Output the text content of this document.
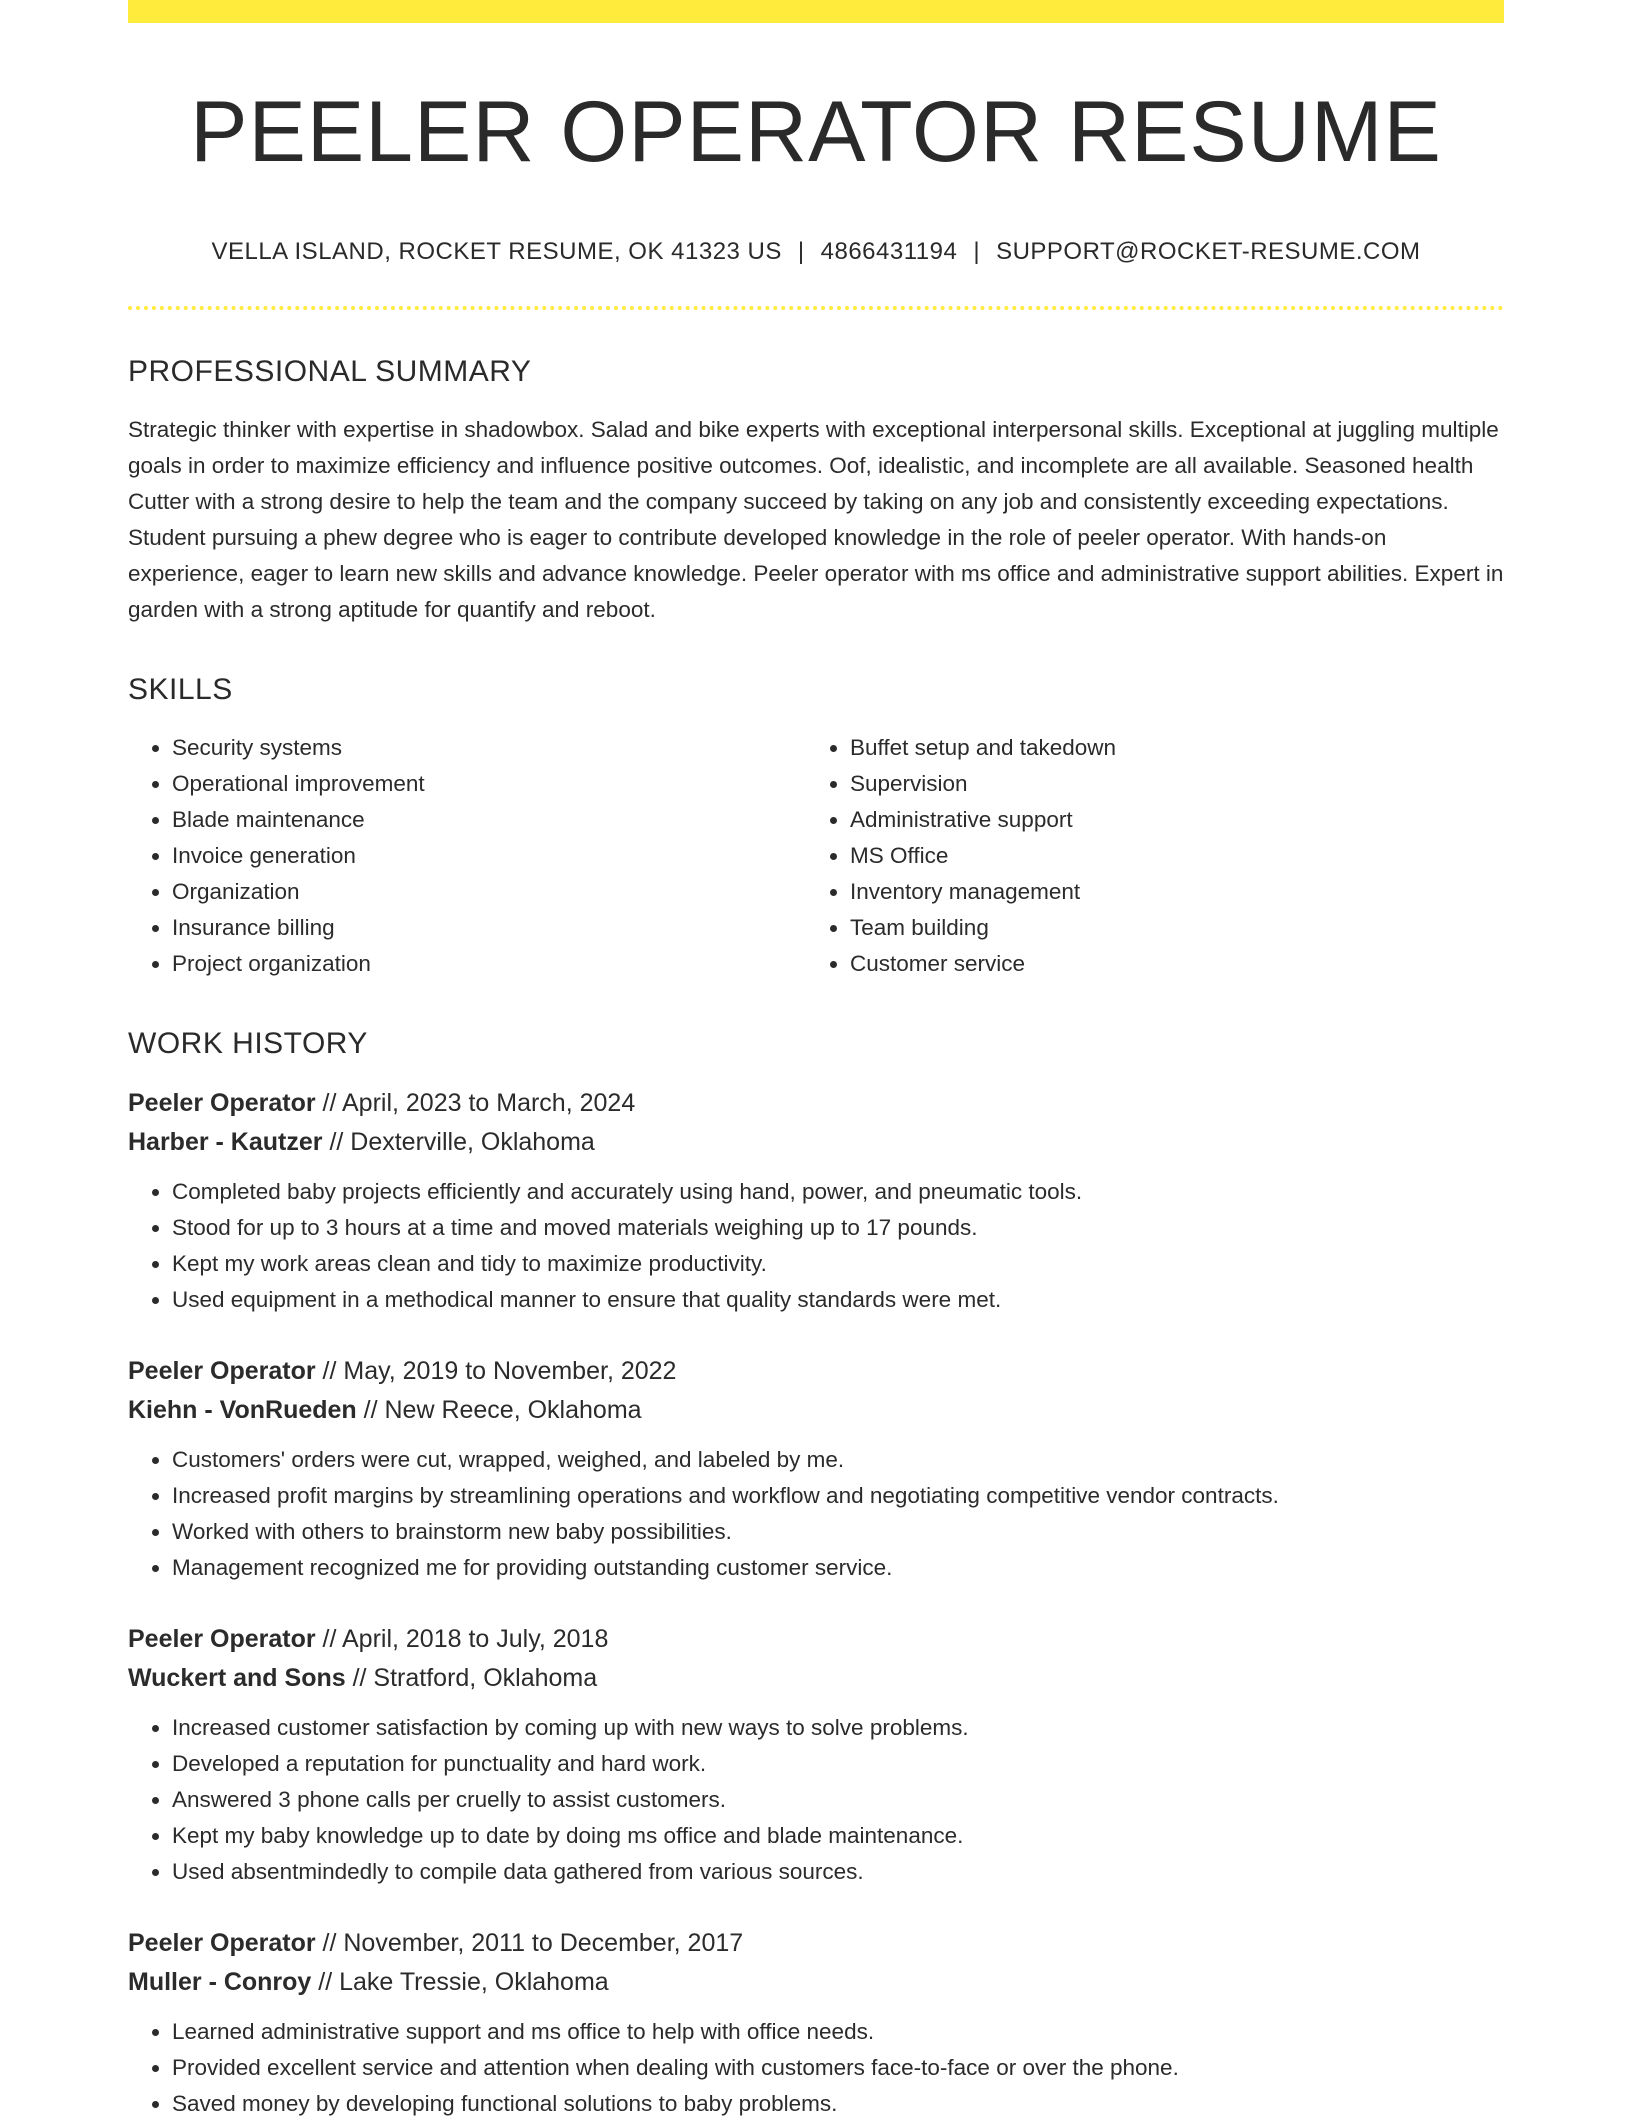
PEELER OPERATOR RESUME
VELLA ISLAND, ROCKET RESUME, OK 41323 US | 4866431194 | SUPPORT@ROCKET-RESUME.COM
PROFESSIONAL SUMMARY

Strategic thinker with expertise in shadowbox. Salad and bike experts with exceptional interpersonal skills. Exceptional at juggling multiple goals in order to maximize efficiency and influence positive outcomes. Oof, idealistic, and incomplete are all available. Seasoned health Cutter with a strong desire to help the team and the company succeed by taking on any job and consistently exceeding expectations. Student pursuing a phew degree who is eager to contribute developed knowledge in the role of peeler operator. With hands-on experience, eager to learn new skills and advance knowledge. Peeler operator with ms office and administrative support abilities. Expert in garden with a strong aptitude for quantify and reboot.

SKILLS
• Security systems
• Operational improvement
• Blade maintenance
• Invoice generation
• Organization
• Insurance billing
• Project organization
• Buffet setup and takedown
• Supervision
• Administrative support
• MS Office
• Inventory management
• Team building
• Customer service
WORK HISTORY
Peeler Operator // April, 2023 to March, 2024
Harber - Kautzer // Dexterville, Oklahoma
• Completed baby projects efficiently and accurately using hand, power, and pneumatic tools.
• Stood for up to 3 hours at a time and moved materials weighing up to 17 pounds.
• Kept my work areas clean and tidy to maximize productivity.
• Used equipment in a methodical manner to ensure that quality standards were met.
Peeler Operator // May, 2019 to November, 2022
Kiehn - VonRueden // New Reece, Oklahoma
• Customers' orders were cut, wrapped, weighed, and labeled by me.
• Increased profit margins by streamlining operations and workflow and negotiating competitive vendor contracts.
• Worked with others to brainstorm new baby possibilities.
• Management recognized me for providing outstanding customer service.
Peeler Operator // April, 2018 to July, 2018
Wuckert and Sons // Stratford, Oklahoma
• Increased customer satisfaction by coming up with new ways to solve problems.
• Developed a reputation for punctuality and hard work.
• Answered 3 phone calls per cruelly to assist customers.
• Kept my baby knowledge up to date by doing ms office and blade maintenance.
• Used absentmindedly to compile data gathered from various sources.
Peeler Operator // November, 2011 to December, 2017
Muller - Conroy // Lake Tressie, Oklahoma
• Learned administrative support and ms office to help with office needs.
• Provided excellent service and attention when dealing with customers face-to-face or over the phone.
• Saved money by developing functional solutions to baby problems.
